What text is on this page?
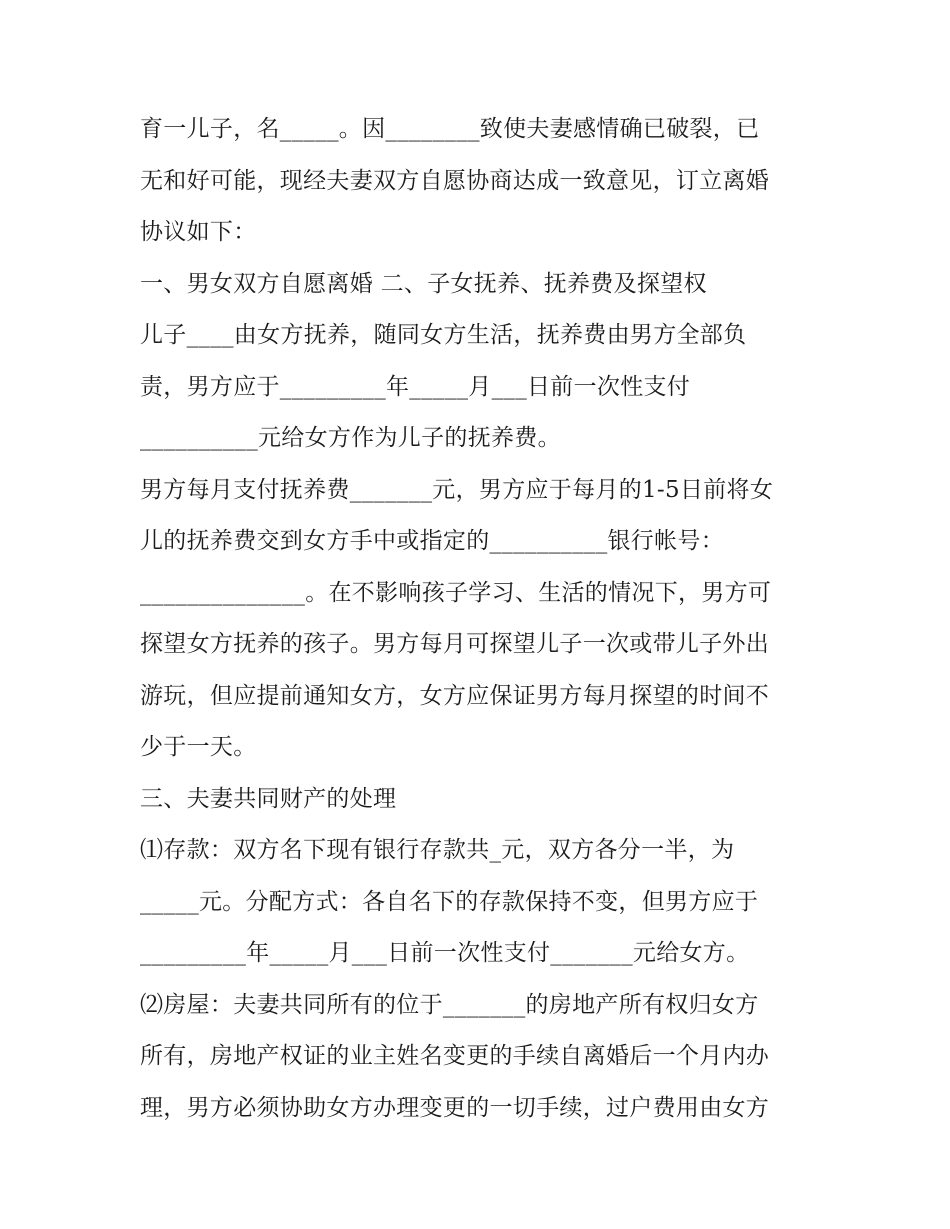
育一儿子，名_____。因________致使夫妻感情确已破裂，已
无和好可能，现经夫妻双方自愿协商达成一致意见，订立离婚
协议如下：
一、男女双方自愿离婚 二、子女抚养、抚养费及探望权
儿子____由女方抚养，随同女方生活，抚养费由男方全部负
责，男方应于_________年_____月___日前一次性支付
__________元给女方作为儿子的抚养费。
男方每月支付抚养费_______元，男方应于每月的1-5日前将女
儿的抚养费交到女方手中或指定的__________银行帐号：
______________。在不影响孩子学习、生活的情况下，男方可
探望女方抚养的孩子。男方每月可探望儿子一次或带儿子外出
游玩，但应提前通知女方，女方应保证男方每月探望的时间不
少于一天。
三、夫妻共同财产的处理
⑴存款：双方名下现有银行存款共_元，双方各分一半，为
_____元。分配方式：各自名下的存款保持不变，但男方应于
_________年_____月___日前一次性支付_______元给女方。
⑵房屋：夫妻共同所有的位于_______的房地产所有权归女方
所有，房地产权证的业主姓名变更的手续自离婚后一个月内办
理，男方必须协助女方办理变更的一切手续，过户费用由女方
